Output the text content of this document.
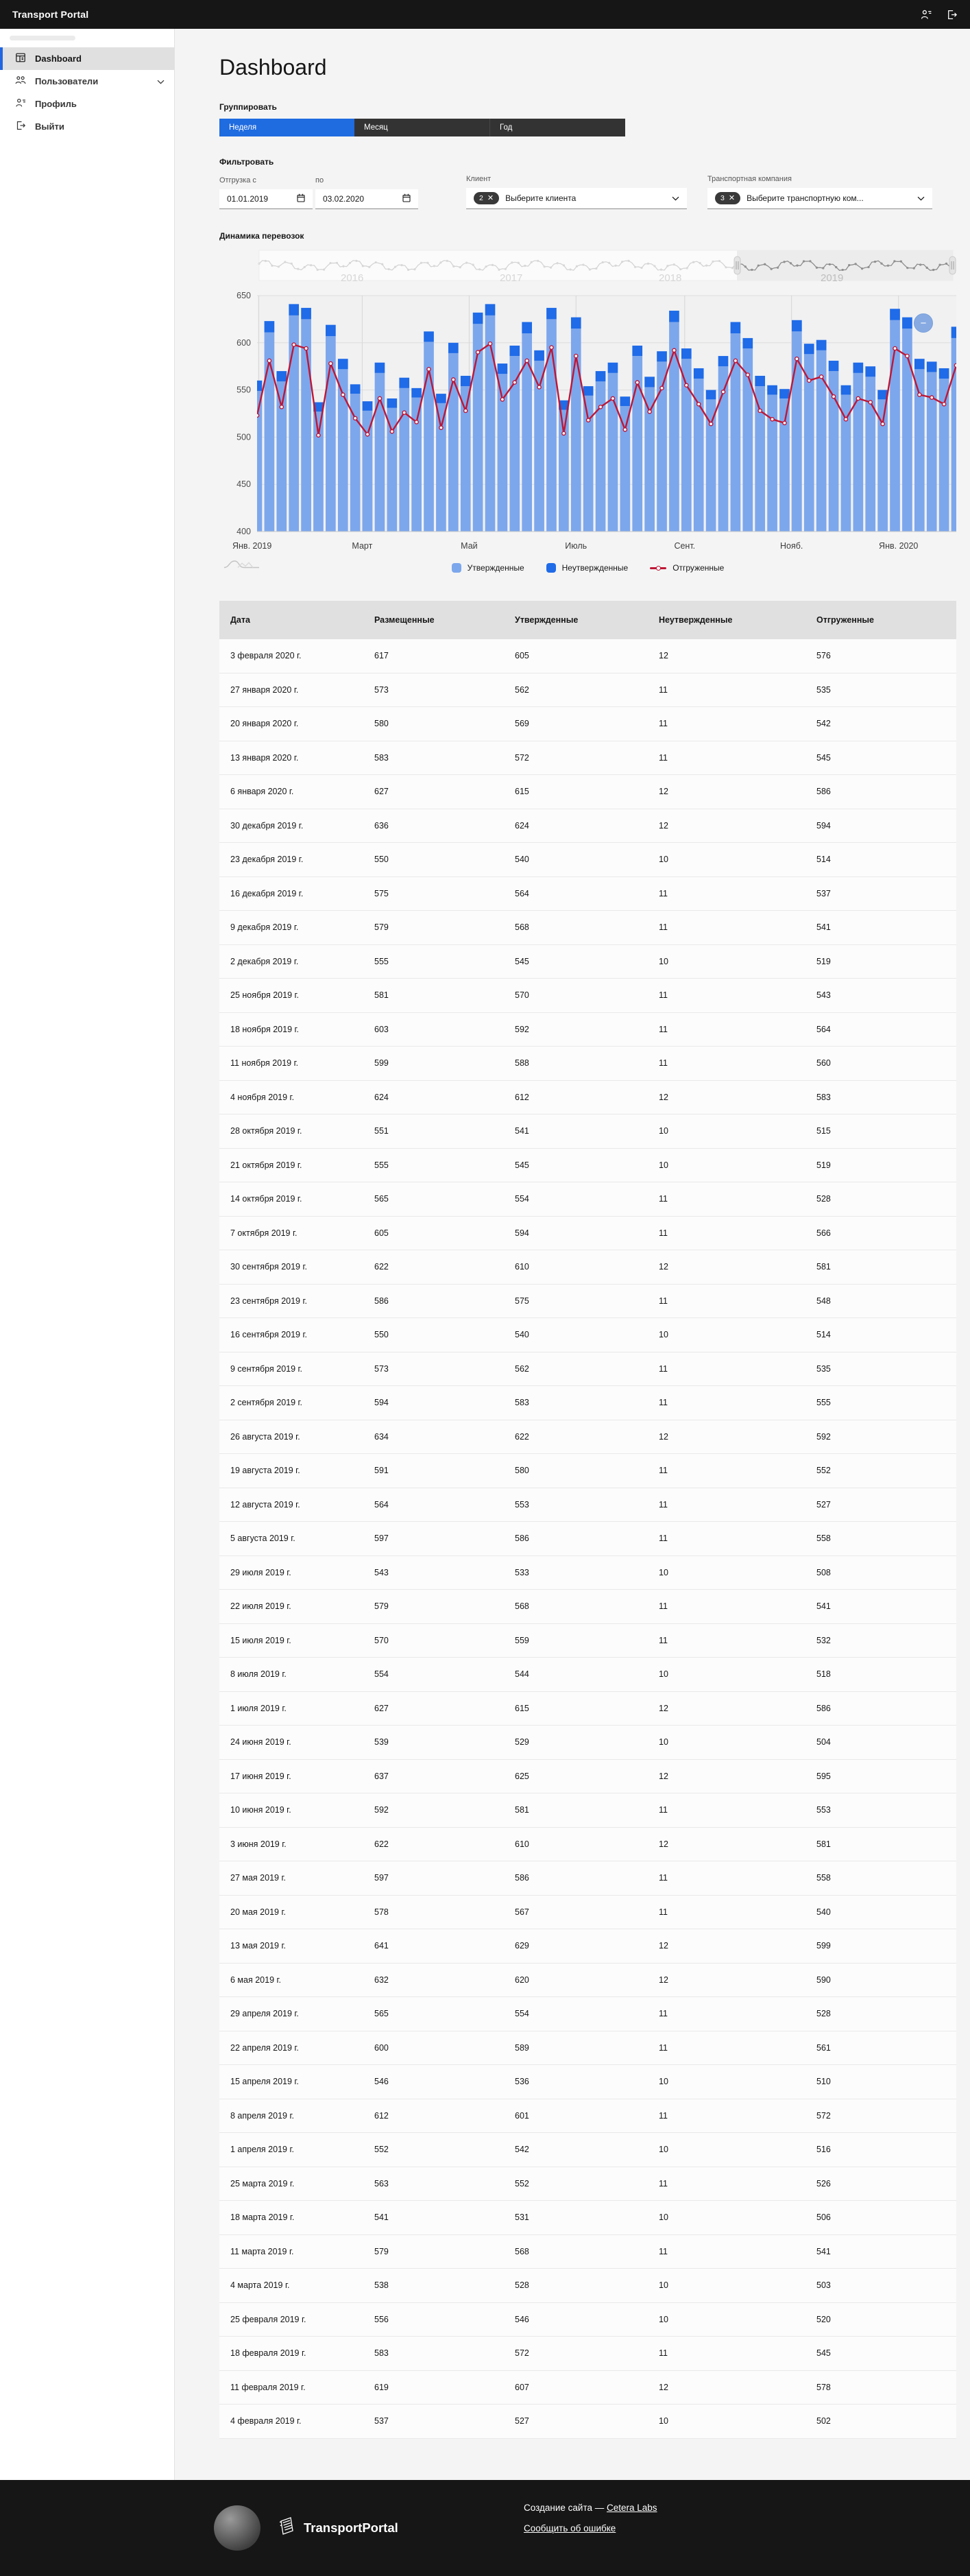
Transport Portal
Dashboard
Пользователи
Профиль
Выйти
Dashboard

Группировать

Неделя	Месяц	Год

Фильтровать

Отгрузка с
01.01.2019
по
03.02.2020
Клиент
2 ✕ Выберите клиента
Транспортная компания
3 ✕ Выберите транспортную ком...

Динамика перевозок

2016	2017	2018	2019
400
450
500
550
600
650
Янв. 2019	Март	Май	Июль	Сент.	Нояб.	Янв. 2020
−
Утвержденные	Неутвержденные	Отгруженные
Дата	Размещенные	Утвержденные	Неутвержденные	Отгруженные
3 февраля 2020 г.	617	605	12	576
27 января 2020 г.	573	562	11	535
20 января 2020 г.	580	569	11	542
13 января 2020 г.	583	572	11	545
6 января 2020 г.	627	615	12	586
30 декабря 2019 г.	636	624	12	594
23 декабря 2019 г.	550	540	10	514
16 декабря 2019 г.	575	564	11	537
9 декабря 2019 г.	579	568	11	541
2 декабря 2019 г.	555	545	10	519
25 ноября 2019 г.	581	570	11	543
18 ноября 2019 г.	603	592	11	564
11 ноября 2019 г.	599	588	11	560
4 ноября 2019 г.	624	612	12	583
28 октября 2019 г.	551	541	10	515
21 октября 2019 г.	555	545	10	519
14 октября 2019 г.	565	554	11	528
7 октября 2019 г.	605	594	11	566
30 сентября 2019 г.	622	610	12	581
23 сентября 2019 г.	586	575	11	548
16 сентября 2019 г.	550	540	10	514
9 сентября 2019 г.	573	562	11	535
2 сентября 2019 г.	594	583	11	555
26 августа 2019 г.	634	622	12	592
19 августа 2019 г.	591	580	11	552
12 августа 2019 г.	564	553	11	527
5 августа 2019 г.	597	586	11	558
29 июля 2019 г.	543	533	10	508
22 июля 2019 г.	579	568	11	541
15 июля 2019 г.	570	559	11	532
8 июля 2019 г.	554	544	10	518
1 июля 2019 г.	627	615	12	586
24 июня 2019 г.	539	529	10	504
17 июня 2019 г.	637	625	12	595
10 июня 2019 г.	592	581	11	553
3 июня 2019 г.	622	610	12	581
27 мая 2019 г.	597	586	11	558
20 мая 2019 г.	578	567	11	540
13 мая 2019 г.	641	629	12	599
6 мая 2019 г.	632	620	12	590
29 апреля 2019 г.	565	554	11	528
22 апреля 2019 г.	600	589	11	561
15 апреля 2019 г.	546	536	10	510
8 апреля 2019 г.	612	601	11	572
1 апреля 2019 г.	552	542	10	516
25 марта 2019 г.	563	552	11	526
18 марта 2019 г.	541	531	10	506
11 марта 2019 г.	579	568	11	541
4 марта 2019 г.	538	528	10	503
25 февраля 2019 г.	556	546	10	520
18 февраля 2019 г.	583	572	11	545
11 февраля 2019 г.	619	607	12	578
4 февраля 2019 г.	537	527	10	502
TransportPortal
Создание сайта — Cetera Labs
Сообщить об ошибке
